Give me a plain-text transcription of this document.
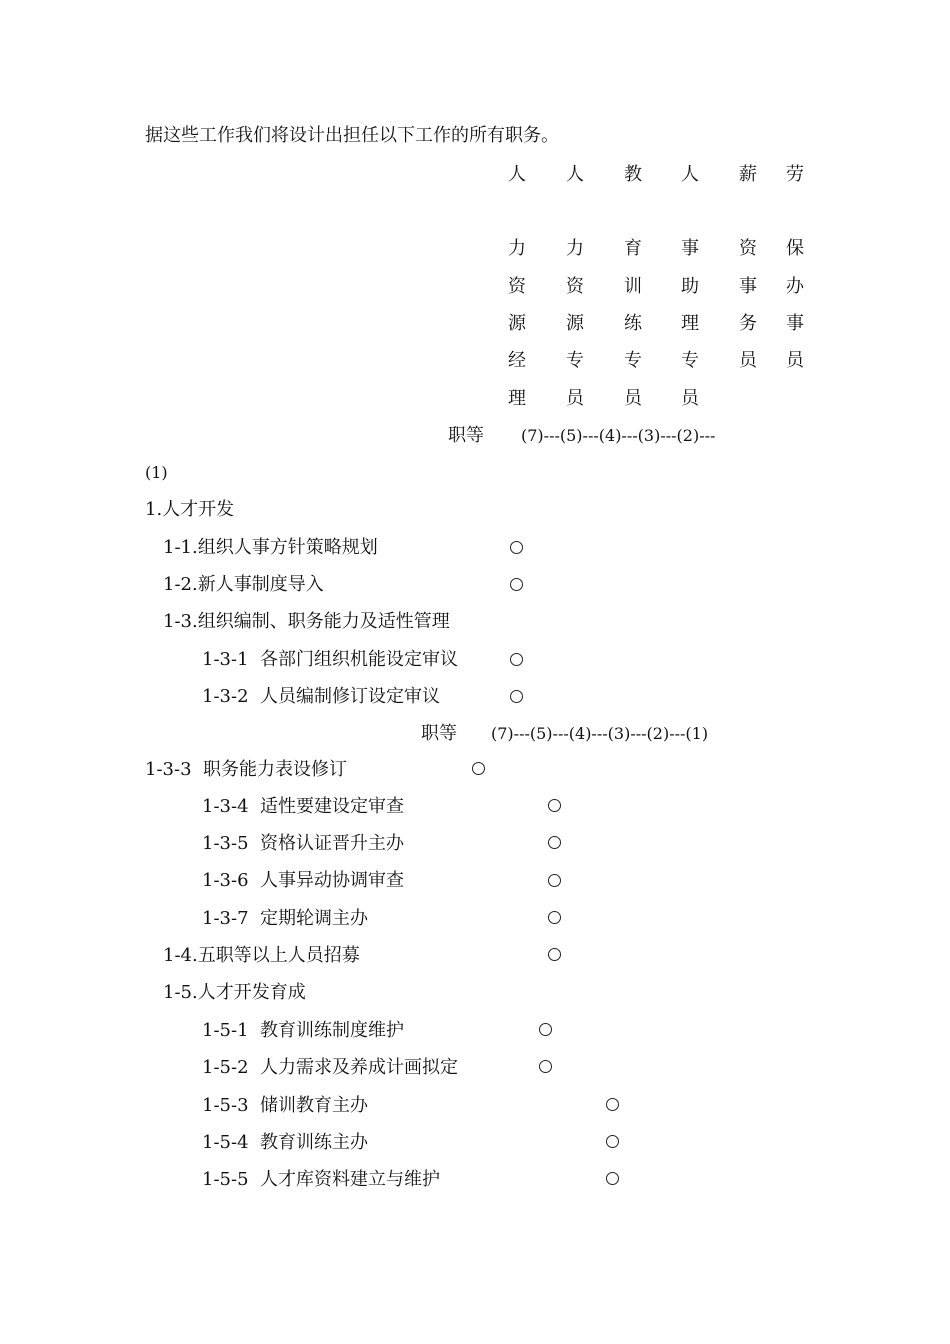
据这些工作我们将设计出担任以下工作的所有职务。
人
力
资
源
经
理
人
力
资
源
专
员
教
育
训
练
专
员
人
事
助
理
专
员
薪
资
事
务
员
劳
保
办
事
员
职等 (7)---(5)---(4)---(3)---(2)---
(1)
1.人才开发
1-1.组织人事方针策略规划
1-2.新人事制度导入
1-3.组织编制、职务能力及适性管理
1-3-1  各部门组织机能设定审议
1-3-2  人员编制修订设定审议
职等 (7)---(5)---(4)---(3)---(2)---(1)
1-3-3  职务能力表设修订
1-3-4  适性要建设定审查
1-3-5  资格认证晋升主办
1-3-6  人事异动协调审查
1-3-7  定期轮调主办
1-4.五职等以上人员招募
1-5.人才开发育成
1-5-1  教育训练制度维护
1-5-2  人力需求及养成计画拟定
1-5-3  储训教育主办
1-5-4  教育训练主办
1-5-5  人才库资料建立与维护
